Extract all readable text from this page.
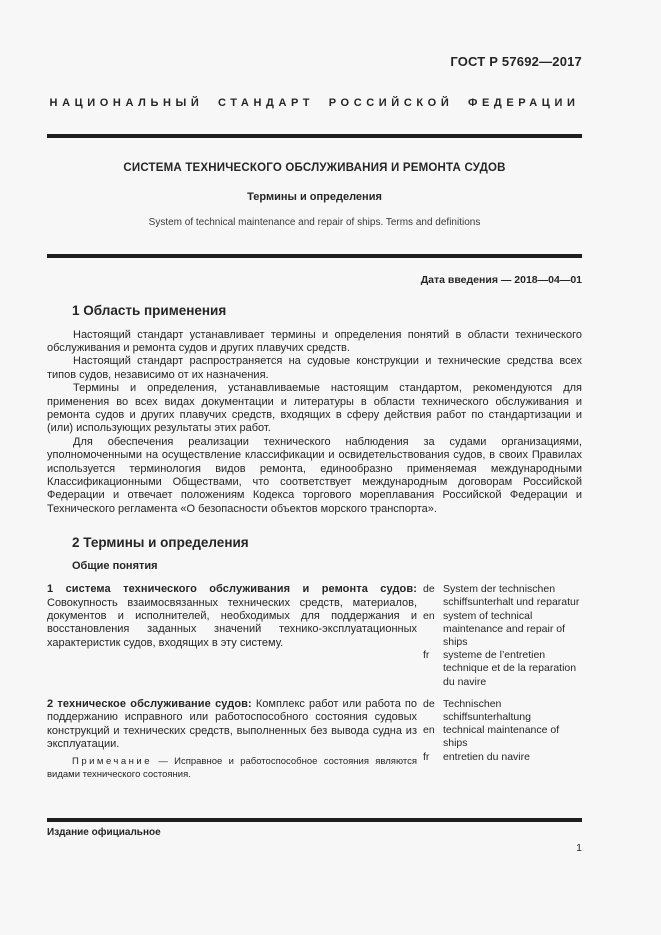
ГОСТ Р 57692—2017
НАЦИОНАЛЬНЫЙ СТАНДАРТ РОССИЙСКОЙ ФЕДЕРАЦИИ
СИСТЕМА ТЕХНИЧЕСКОГО ОБСЛУЖИВАНИЯ И РЕМОНТА СУДОВ
Термины и определения
System of technical maintenance and repair of ships. Terms and definitions
Дата введения — 2018—04—01
1 Область применения

Настоящий стандарт устанавливает термины и определения понятий в области технического обслуживания и ремонта судов и других плавучих средств.

Настоящий стандарт распространяется на судовые конструкции и технические средства всех типов судов, независимо от их назначения.

Термины и определения, устанавливаемые настоящим стандартом, рекомендуются для применения во всех видах документации и литературы в области технического обслуживания и ремонта судов и других плавучих средств, входящих в сферу действия работ по стандартизации и (или) использующих результаты этих работ.

Для обеспечения реализации технического наблюдения за судами организациями, уполномоченными на осуществление классификации и освидетельствования судов, в своих Правилах используется терминология видов ремонта, единообразно применяемая международными Классификационными Обществами, что соответствует международным договорам Российской Федерации и отвечает положениям Кодекса торгового мореплавания Российской Федерации и Технического регламента «О безопасности объектов морского транспорта».

2 Термины и определения
Общие понятия

1 система технического обслуживания и ремонта судов: Совокупность взаимосвязанных технических средств, материалов, документов и исполнителей, необходимых для поддержания и восстановления заданных значений технико-эксплуатационных характеристик судов, входящих в эту систему.

de System der technischen schiffsunterhalt und reparatur
en system of technical maintenance and repair of ships
fr	systeme de l’entretien technique et de la reparation du navire

2 техническое обслуживание судов: Комплекс работ или работа по поддержанию исправного или работоспособного состояния судовых конструкций и технических средств, выполненных без вывода судна из эксплуатации.

Примечание — Исправное и работоспособное состояния являются видами технического состояния.

de Technischen schiffsunterhaltung
en technical maintenance of ships
fr	entretien du navire
Издание официальное
1
